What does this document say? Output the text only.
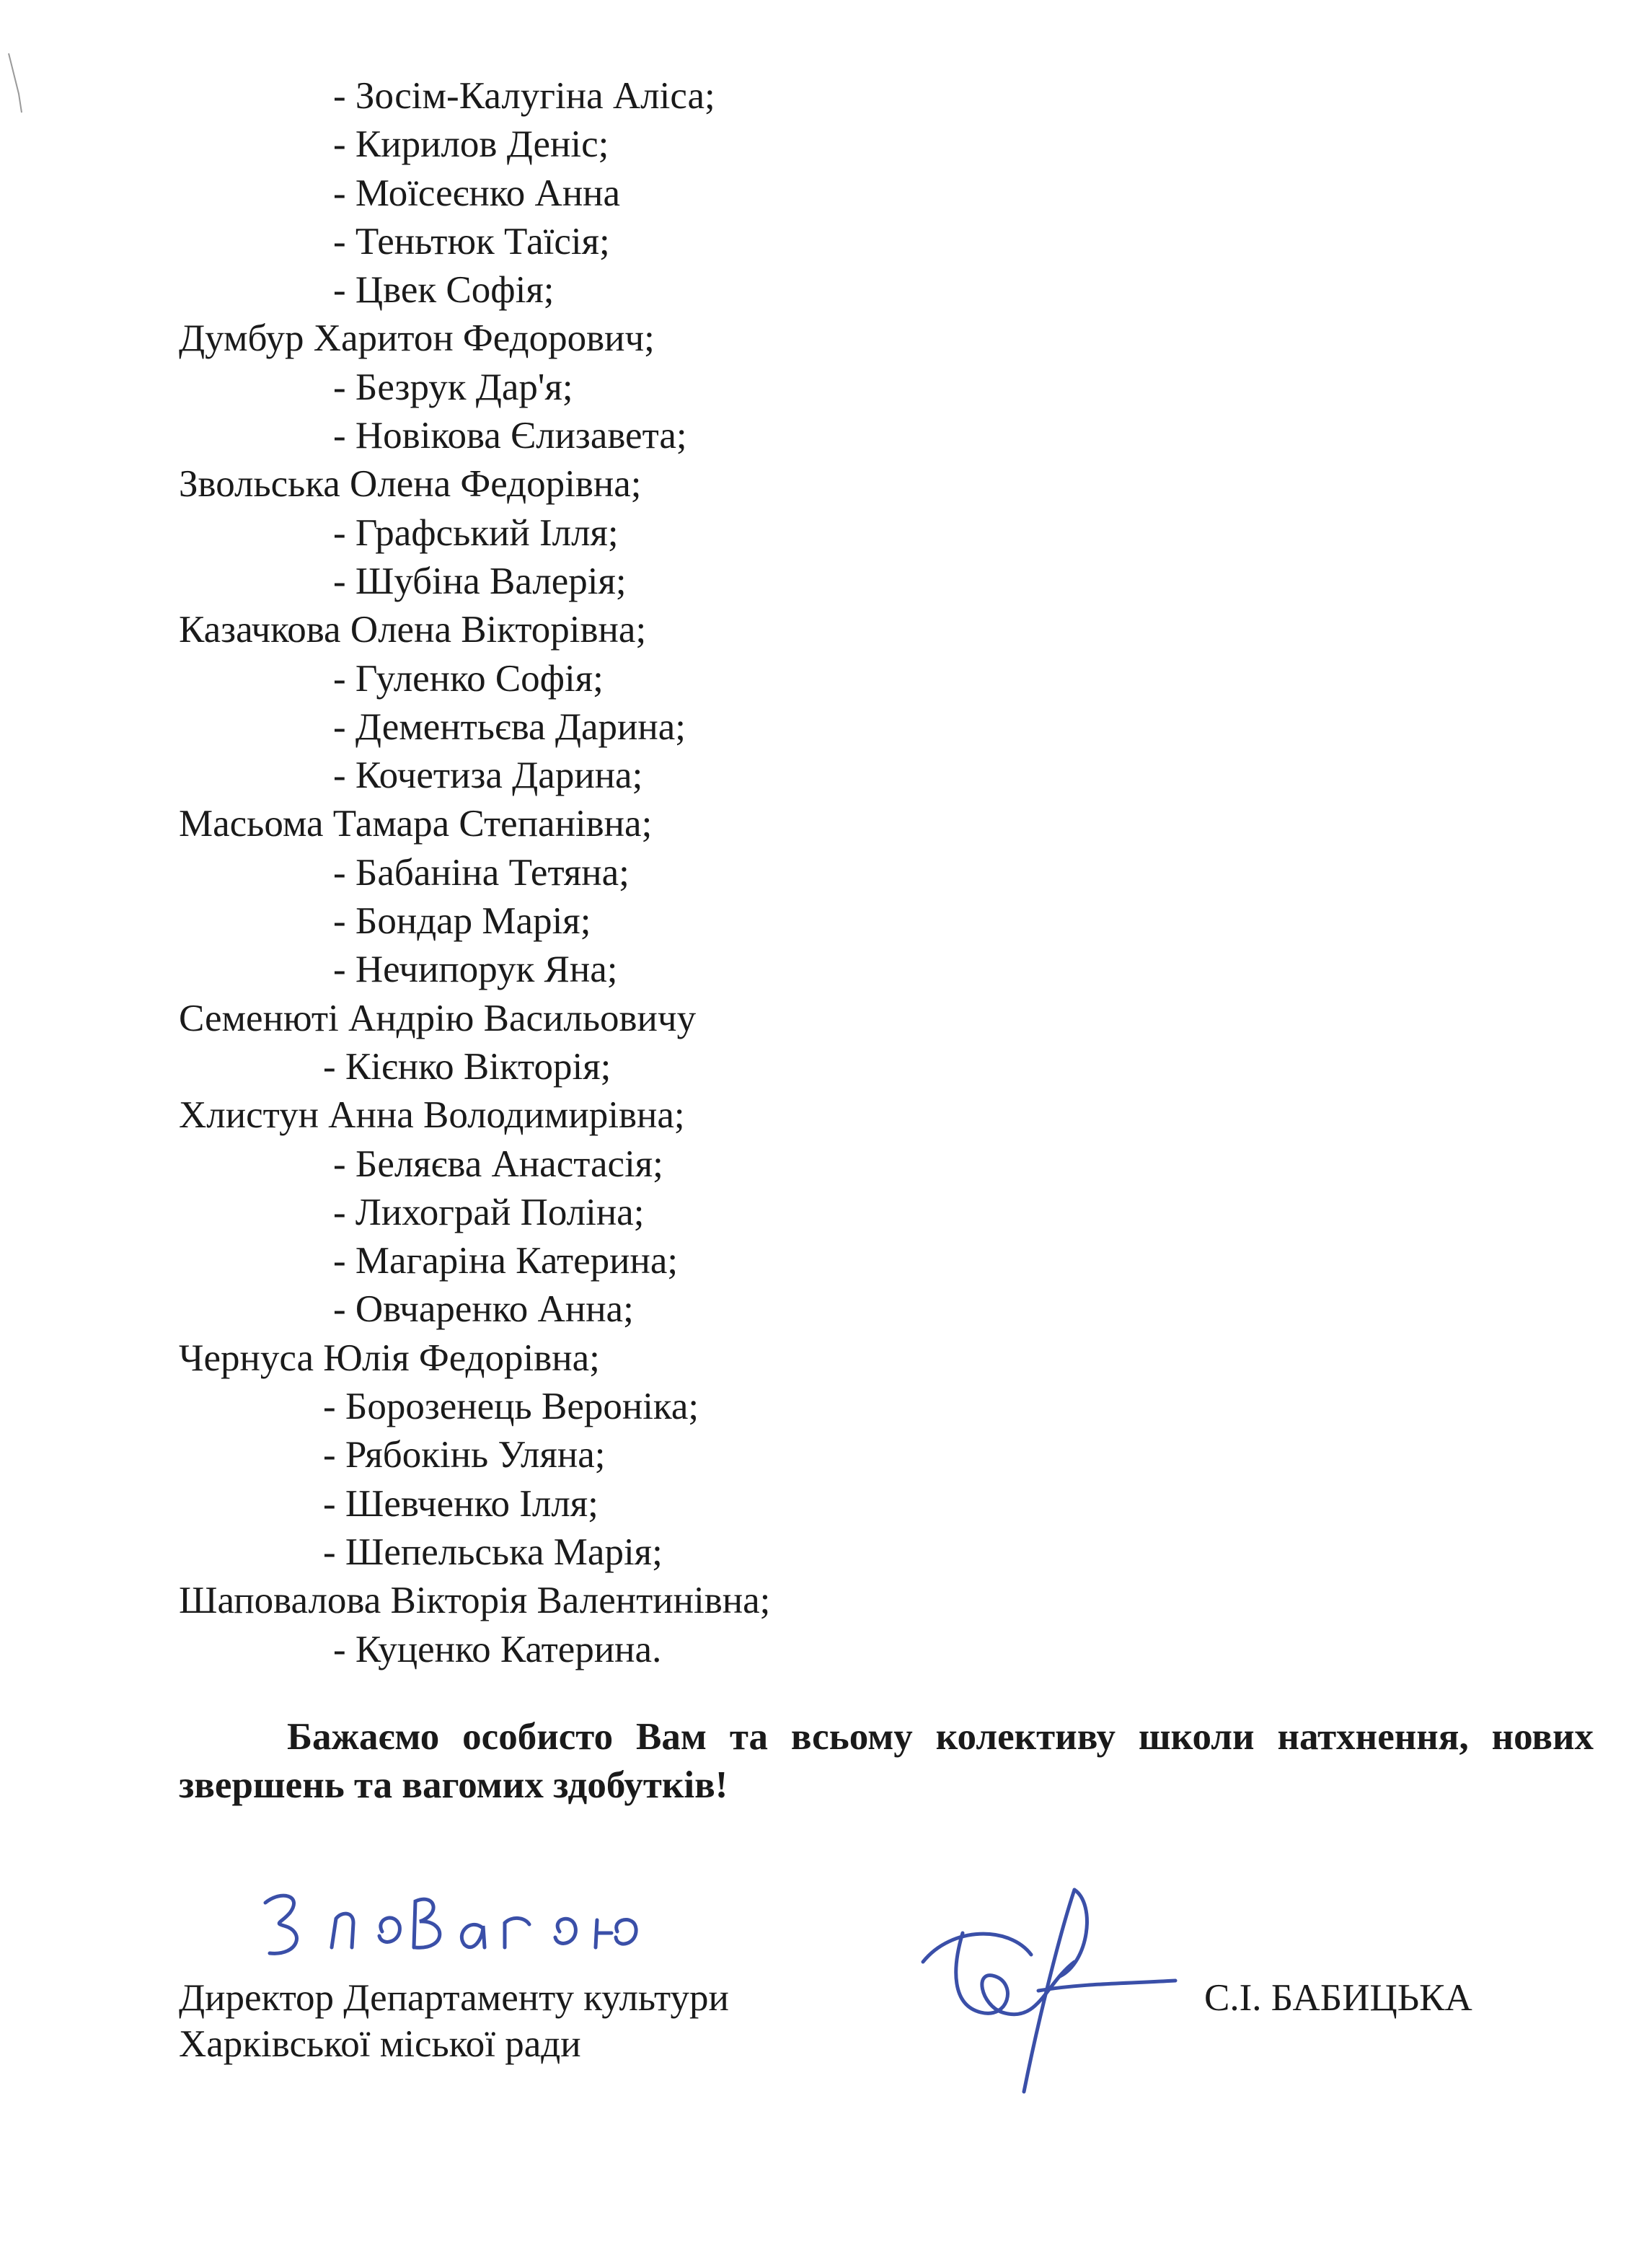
- Зосім-Калугіна Аліса;
- Кирилов Деніс;
- Моїсеєнко Анна
- Теньтюк Таїсія;
- Цвек Софія;
Думбур Харитон Федорович;
- Безрук Дар'я;
- Новікова Єлизавета;
Звольська Олена Федорівна;
- Графський Ілля;
- Шубіна Валерія;
Казачкова Олена Вікторівна;
- Гуленко Софія;
- Дементьєва Дарина;
- Кочетиза Дарина;
Масьома Тамара Степанівна;
- Бабаніна Тетяна;
- Бондар Марія;
- Нечипорук Яна;
Семенюті Андрію Васильовичу
- Кієнко Вікторія;
Хлистун Анна Володимирівна;
- Беляєва Анастасія;
- Лихограй Поліна;
- Магаріна Катерина;
- Овчаренко Анна;
Чернуса Юлія Федорівна;
- Борозенець Вероніка;
- Рябокінь Уляна;
- Шевченко Ілля;
- Шепельська Марія;
Шаповалова Вікторія Валентинівна;
- Куценко Катерина.
Бажаємо особисто Вам та всьому колективу школи натхнення, нових звершень та вагомих здобутків!
Директор Департаменту культури
Харківської міської ради
С.І. БАБИЦЬКА
